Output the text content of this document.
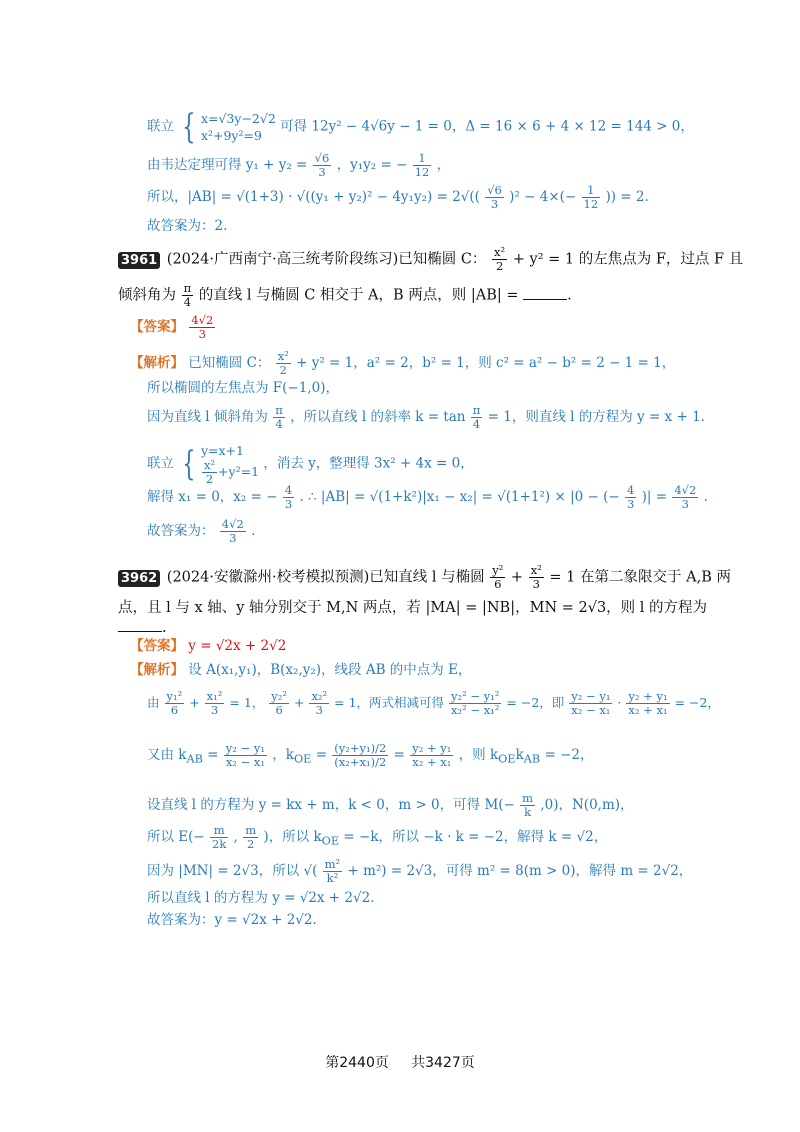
联立 { x=√3y−2√2
x²+9y²=9
可得 12y² − 4√6y − 1 = 0，Δ = 16 × 6 + 4 × 12 = 144 > 0，
由韦达定理可得 $y_1 + y_2 = \frac{√6}{3}$ ，y₁y₂ = − $\frac{1}{12}$ ，
所以，$|AB| = √(1+3) \cdot √((y_1 + y_2)^2 - 4y_1y_2) = 2√(( \frac{√6}{3} )^2 - 4\times(- \frac{1}{12}$ )) = 2.
故答案为：2.
3961 (2024·广西南宁·高三统考阶段练习)已知椭圆 C： $\frac{\text{x²}}{2} + y^2 = 1$ 的左焦点为 F，过点 F 且
倾斜角为 $\frac{\pi}{4}$ 的直线 l 与椭圆 C 相交于 A，B 两点，则 |AB| =	.
【答案】 $\frac{4√2}{3}$
【解析】 已知椭圆 C： $\frac{\text{x²}}{2} + y^2 = 1$，a² = 2，b² = 1，则 c² = a² − b² = 2 − 1 = 1，
所以椭圆的左焦点为 F(−1,0)，
因为直线 l 倾斜角为 $\frac{\pi}{4}$ ，所以直线 l 的斜率 $k = \tan \frac{\pi}{4} = 1$，则直线 l 的方程为 y = x + 1.
联立 { y=x+1
$\frac{\text{x²}}{2} +y^2=1$ ，消去 y，整理得 3x² + 4x = 0，
解得 x₁ = 0，x₂ = − $\frac{4}{3}$ . ∴ |AB| = √(1+k²)|x₁ − x₂| = √(1+1²) × |0 − (− $\frac{4}{3}$ )| = $\frac{4√2}{3}$ .
故答案为： $\frac{4√2}{3}$ .
3962 (2024·安徽滁州·校考模拟预测)已知直线 l 与椭圆 $\frac{\text{y²}}{6} + \frac{\text{x²}}{3} = 1$ 在第二象限交于 A,B 两
点，且 l 与 x 轴、y 轴分别交于 M,N 两点，若 |MA| = |NB|，MN = 2√3，则 l 的方程为
.
【答案】 y = √2x + 2√2
【解析】 设 A(x₁,y₁)，B(x₂,y₂)，线段 AB 的中点为 E，
由 $\frac{\text{y₁²}}{6} + \frac{\text{x₁²}}{3} = 1$， $\frac{\text{y₂²}}{6} + \frac{\text{x₂²}}{3} = 1$，两式相减可得 $\frac{\text{y₂² − y₁²}}{\text{x₂² − x₁²}} = -2$，即 $\frac{\text{y₂ − y₁}}{\text{x₂ − x₁}} \cdot \frac{\text{y₂ + y₁}}{\text{x₂ + x₁}} = -2$，
又由 $k_{AB} = \frac{\text{y₂ − y₁}}{\text{x₂ − x₁}}$ ，$k_{OE} = \frac{\text{(y₂+y₁)/2}}{\text{(x₂+x₁)/2}} = \frac{\text{y₂ + y₁}}{\text{x₂ + x₁}}$ ，则 $k_{OE}k_{AB} = -2$，
设直线 l 的方程为 y = kx + m，k < 0，m > 0，可得 $M(- \frac{m}{k} ,0)$，N(0,m)，
所以 $E(- \frac{m}{2k}$ , $\frac{m}{2}$ )，所以 $k_{OE} = -k$，所以 −k · k = −2，解得 k = √2，
因为 |MN| = 2√3，所以 √( $\frac{\text{m²}}{\text{k²}} + m^2) = 2√3$，可得 m² = 8(m > 0)，解得 m = 2√2，
所以直线 l 的方程为 y = √2x + 2√2.
故答案为：y = √2x + 2√2.
第2440页 共3427页
